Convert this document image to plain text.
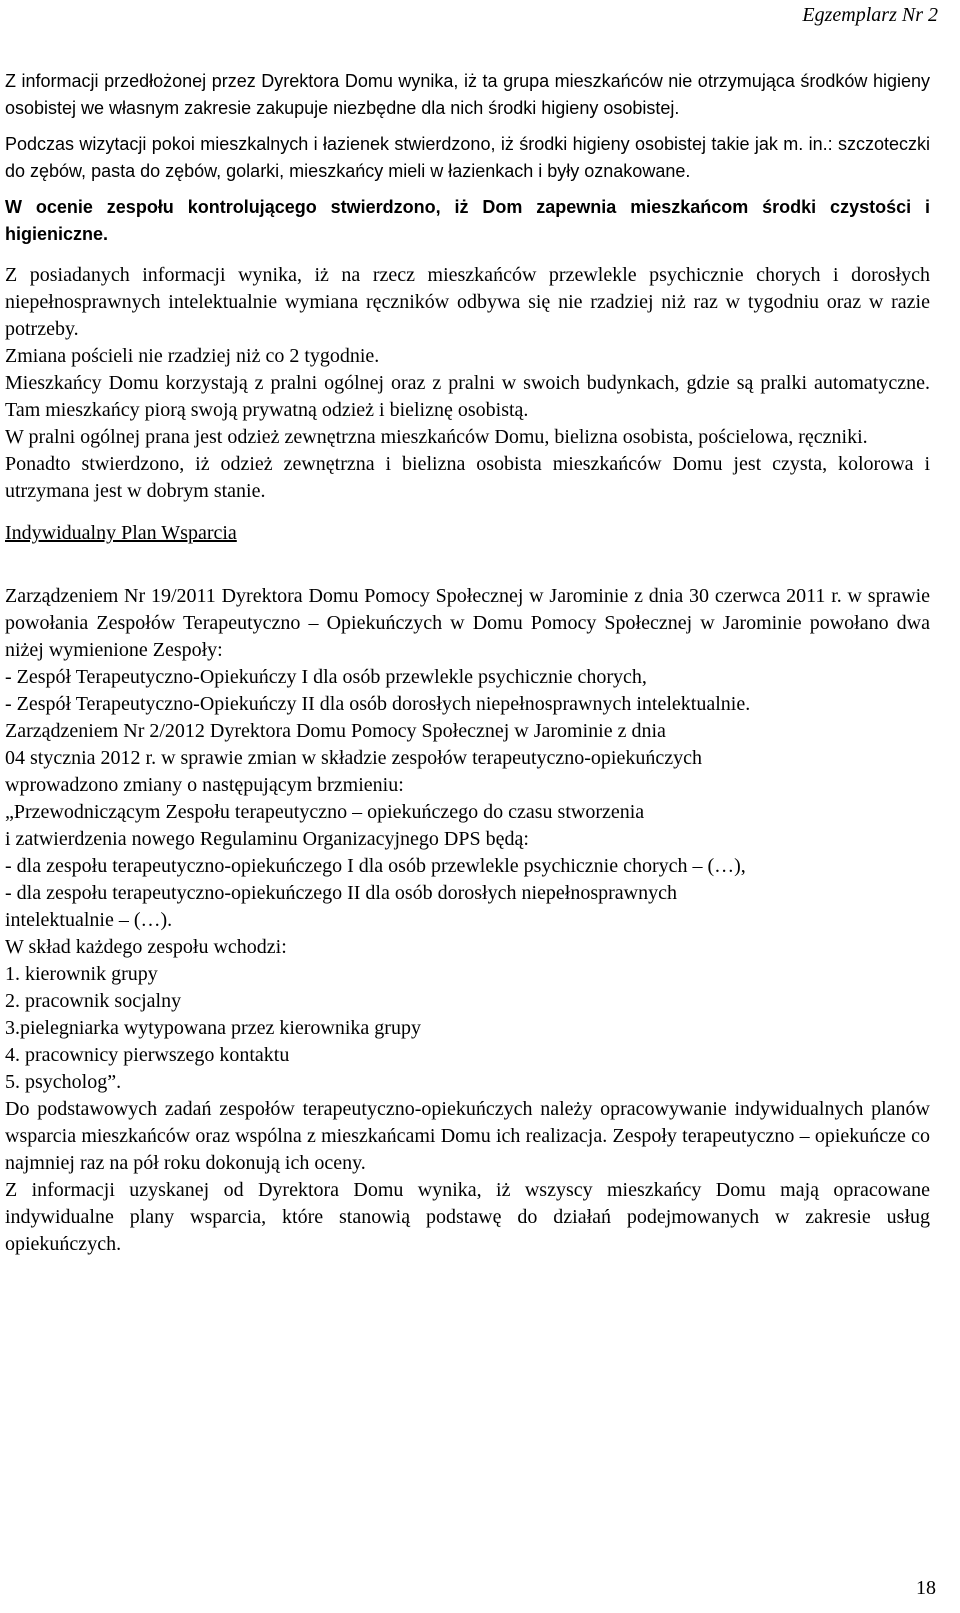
Egzemplarz Nr 2

Z informacji przedłożonej przez Dyrektora Domu wynika, iż ta grupa mieszkańców nie otrzymująca środków higieny osobistej we własnym zakresie zakupuje niezbędne dla nich środki higieny osobistej.

Podczas wizytacji pokoi mieszkalnych i łazienek stwierdzono, iż środki higieny osobistej takie jak m. in.: szczoteczki do zębów, pasta do zębów, golarki, mieszkańcy mieli w łazienkach i były oznakowane.

W ocenie zespołu kontrolującego stwierdzono, iż Dom zapewnia mieszkańcom środki czystości i higieniczne.

Z posiadanych informacji wynika, iż na rzecz mieszkańców przewlekle psychicznie chorych i dorosłych niepełnosprawnych intelektualnie wymiana ręczników odbywa się nie rzadziej niż raz w tygodniu oraz w razie potrzeby.

Zmiana pościeli nie rzadziej niż co 2 tygodnie.

Mieszkańcy Domu korzystają z pralni ogólnej oraz z pralni w swoich budynkach, gdzie są pralki automatyczne. Tam mieszkańcy piorą swoją prywatną odzież i bieliznę osobistą.

W pralni ogólnej prana jest odzież zewnętrzna mieszkańców Domu, bielizna osobista, pościelowa, ręczniki.

Ponadto stwierdzono, iż odzież zewnętrzna i bielizna osobista mieszkańców Domu jest czysta, kolorowa i utrzymana jest w dobrym stanie.

Indywidualny Plan Wsparcia

Zarządzeniem Nr 19/2011 Dyrektora Domu Pomocy Społecznej w Jarominie z dnia 30 czerwca 2011 r. w sprawie powołania Zespołów Terapeutyczno – Opiekuńczych w Domu Pomocy Społecznej w Jarominie powołano dwa niżej wymienione Zespoły:

- Zespół Terapeutyczno-Opiekuńczy I dla osób przewlekle psychicznie chorych,

- Zespół Terapeutyczno-Opiekuńczy II dla osób dorosłych niepełnosprawnych intelektualnie.

Zarządzeniem Nr 2/2012 Dyrektora Domu Pomocy Społecznej w Jarominie z dnia

04 stycznia 2012 r. w sprawie zmian w składzie zespołów terapeutyczno-opiekuńczych

wprowadzono zmiany o następującym brzmieniu:

„Przewodniczącym Zespołu terapeutyczno – opiekuńczego do czasu stworzenia

i zatwierdzenia nowego Regulaminu Organizacyjnego DPS będą:

- dla zespołu terapeutyczno-opiekuńczego I dla osób przewlekle psychicznie chorych – (…),

- dla zespołu terapeutyczno-opiekuńczego II dla osób dorosłych niepełnosprawnych

intelektualnie – (…).

W skład każdego zespołu wchodzi:

1. kierownik grupy

2. pracownik socjalny

3.pielegniarka wytypowana przez kierownika grupy

4. pracownicy pierwszego kontaktu

5. psycholog”.

Do podstawowych zadań zespołów terapeutyczno-opiekuńczych należy opracowywanie indywidualnych planów wsparcia mieszkańców oraz wspólna z mieszkańcami Domu ich realizacja. Zespoły terapeutyczno – opiekuńcze co najmniej raz na pół roku dokonują ich oceny.

Z informacji uzyskanej od Dyrektora Domu wynika, iż wszyscy mieszkańcy Domu mają opracowane indywidualne plany wsparcia, które stanowią podstawę do działań podejmowanych w zakresie usług opiekuńczych.

18
